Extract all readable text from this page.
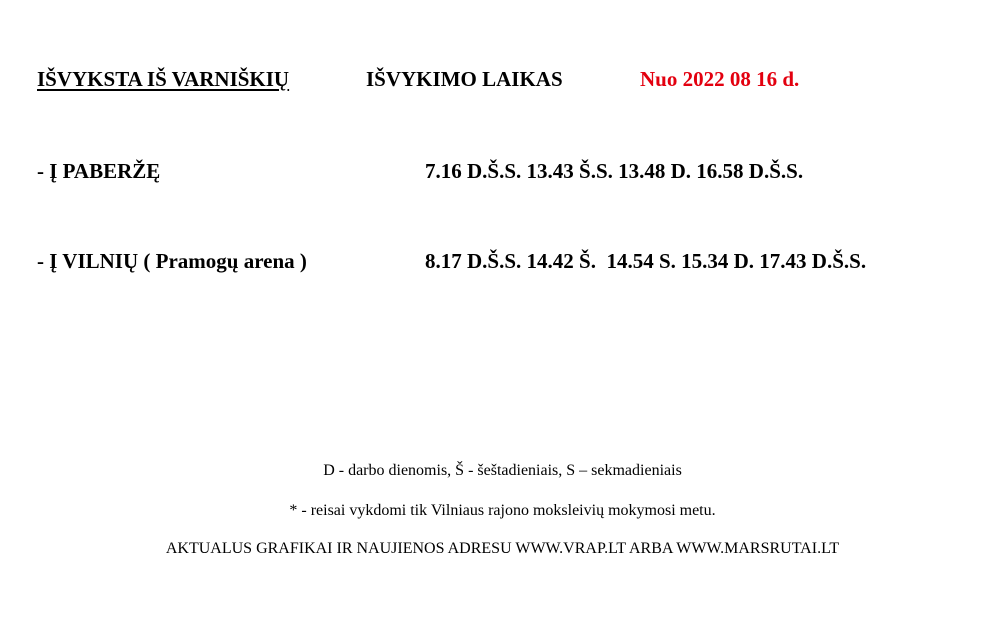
IŠVYKSTA IŠ VARNIŠKIŲ	IŠVYKIMO LAIKAS	Nuo 2022 08 16 d.
- Į PABERŽĘ	7.16 D.Š.S. 13.43 Š.S. 13.48 D. 16.58 D.Š.S.
- Į VILNIŲ ( Pramogų arena )	8.17 D.Š.S. 14.42 Š.  14.54 S. 15.34 D. 17.43 D.Š.S.
D - darbo dienomis, Š - šeštadieniais, S – sekmadieniais
* - reisai vykdomi tik Vilniaus rajono moksleivių mokymosi metu.
AKTUALUS GRAFIKAI IR NAUJIENOS ADRESU WWW.VRAP.LT ARBA WWW.MARSRUTAI.LT
